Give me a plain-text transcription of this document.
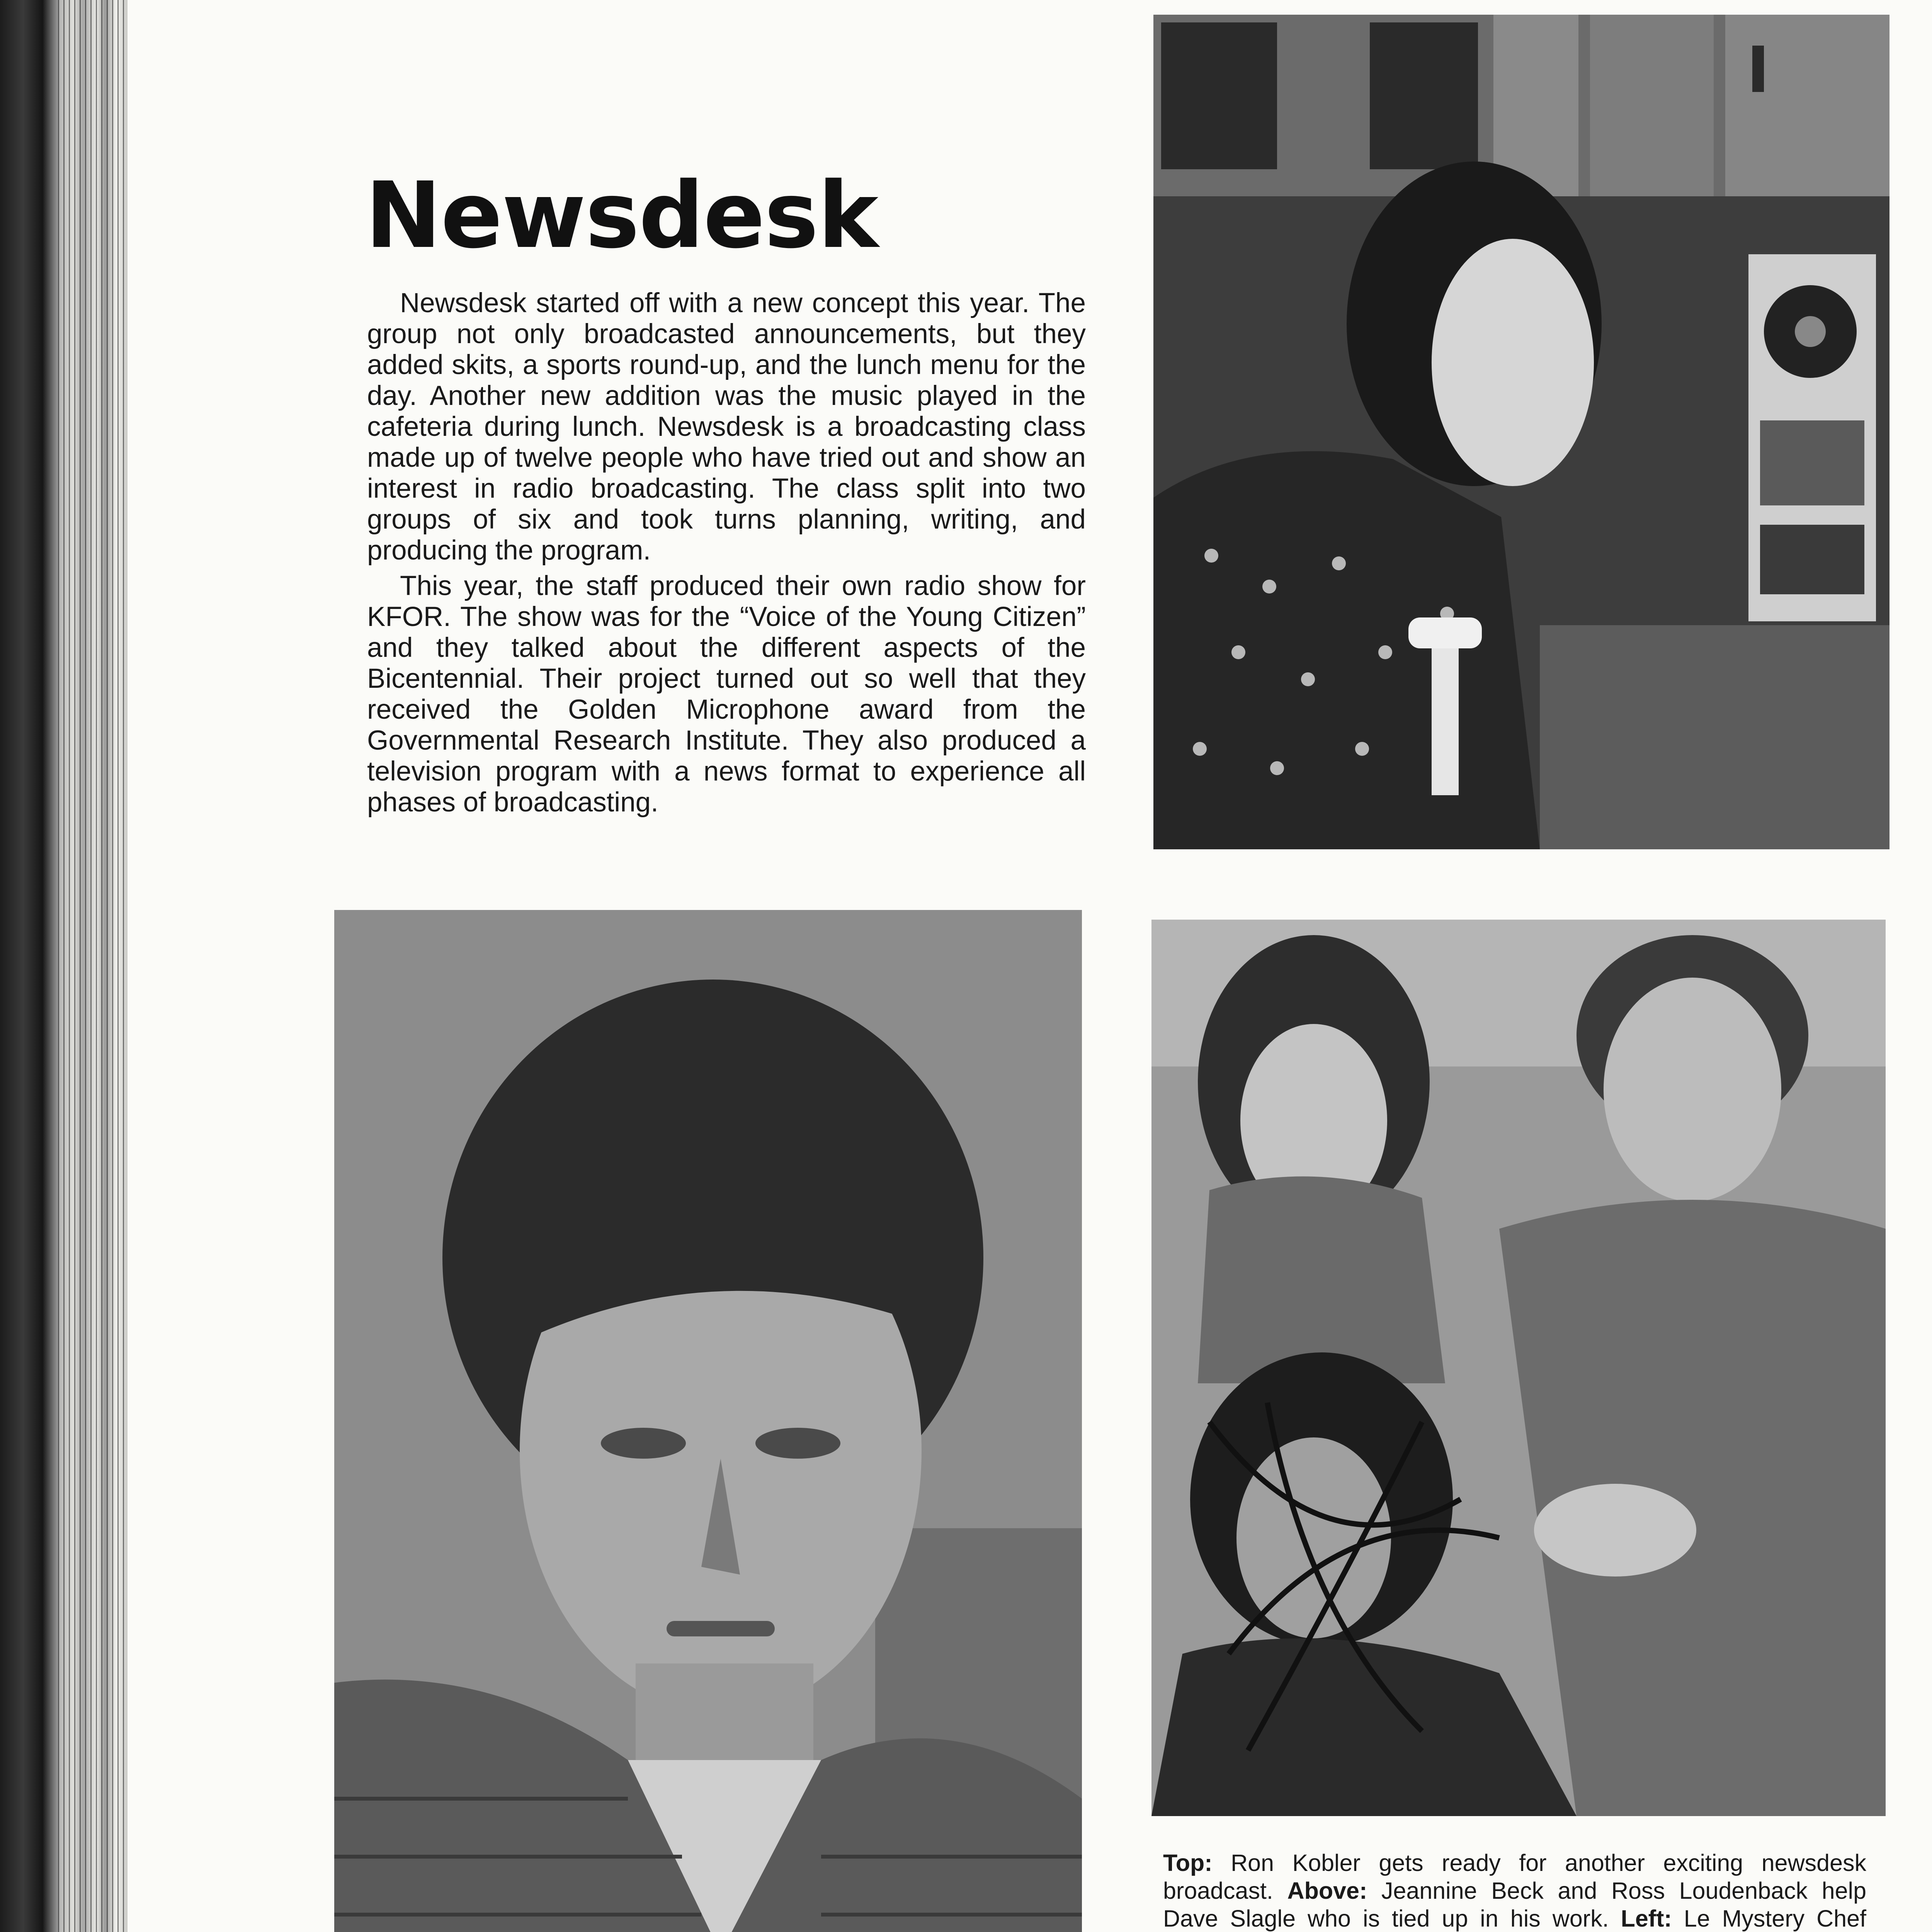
Newsdesk

Newsdesk started off with a new concept this year. The group not only broadcasted announcements, but they added skits, a sports round-up, and the lunch menu for the day. Another new addition was the music played in the cafeteria during lunch. Newsdesk is a broadcasting class made up of twelve people who have tried out and show an interest in radio broadcasting. The class split into two groups of six and took turns planning, writing, and producing the program.

This year, the staff produced their own radio show for KFOR. The show was for the “Voice of the Young Citizen” and they talked about the different aspects of the Bicentennial. Their project turned out so well that they received the Golden Microphone award from the Governmental Research Institute. They also produced a television program with a news format to experience all phases of broadcasting.

Top: Ron Kobler gets ready for another exciting newsdesk broadcast. Above: Jeannine Beck and Ross Loudenback help Dave Slagle who is tied up in his work. Left: Le Mystery Chef
